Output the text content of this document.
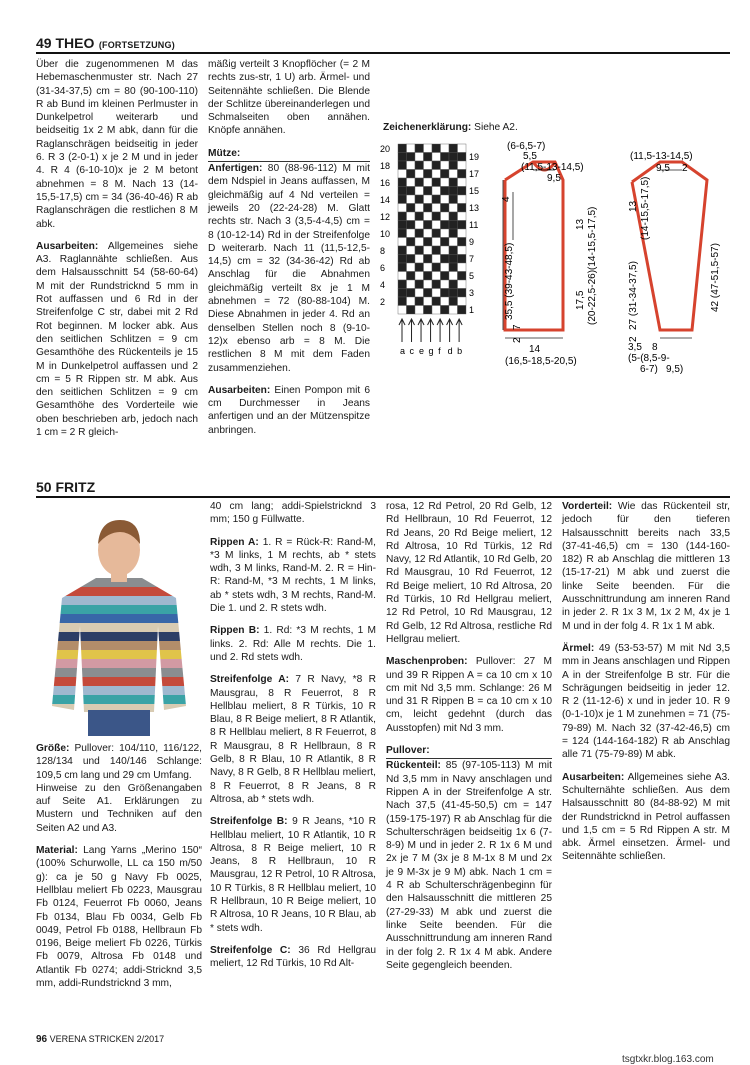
49 THEO (FORTSETZUNG)

Über die zugenommenen M das Hebemaschenmuster str. Nach 27 (31-34-37,5) cm = 80 (90-100-110) R ab Bund im kleinen Perlmuster in Dunkelpetrol weiterarb und beidseitig 1x 2 M abk, dann für die Raglanschrägen beidseitig in jeder 6. R 3 (2-0-1) x je 2 M und in jeder 4. R 4 (6-10-10)x je 2 M betont abnehmen = 8 M. Nach 13 (14-15,5-17,5) cm = 34 (36-40-46) R ab Raglanschrägen die restlichen 8 M abk.

Ausarbeiten: Allgemeines siehe A3. Raglannähte schließen. Aus dem Halsausschnitt 54 (58-60-64) M mit der Rundstricknd 5 mm in Rot auffassen und 6 Rd in der Streifenfolge C str, dabei mit 2 Rd Rot beginnen. M locker abk. Aus den seitlichen Schlitzen = 9 cm Gesamthöhe des Rückenteils je 15 M in Dunkelpetrol auffassen und 2 cm = 5 R Rippen str. M abk. Aus den seitlichen Schlitzen = 9 cm Gesamthöhe des Vorderteile wie oben beschrieben arb, jedoch nach 1 cm = 2 R gleich-

mäßig verteilt 3 Knopflöcher (= 2 M rechts zus-str, 1 U) arb. Ärmel- und Seitennähte schließen. Die Blende der Schlitze übereinanderlegen und Schmalseiten oben annähen. Knöpfe annähen.

Mütze:

Anfertigen: 80 (88-96-112) M mit dem Ndspiel in Jeans auffassen, M gleichmäßig auf 4 Nd verteilen = jeweils 20 (22-24-28) M. Glatt rechts str. Nach 3 (3,5-4-4,5) cm = 8 (10-12-14) Rd in der Streifenfolge D weiterarb. Nach 11 (11,5-12,5-14,5) cm = 32 (34-36-42) Rd ab Anschlag für die Abnahmen gleichmäßig verteilt 8x je 1 M abnehmen = 72 (80-88-104) M. Diese Abnahmen in jeder 4. Rd an denselben Stellen noch 8 (9-10-12)x ebenso arb = 8 M. Die restlichen 8 M mit dem Faden zusammenziehen.

Ausarbeiten: Einen Pompon mit 6 cm Durchmesser in Jeans anfertigen und an der Mützenspitze anbringen.

Zeichenerklärung: Siehe A2.
20
18
16
14
12
10
8
6
4
2
19
17
15
13
11
9
7
5
3
1
a c e g f d b
(6-6,5-7)
5,5
(11,5-13-14,5)
9,5
4
35,5 (39-43-48,5)
13 (14-15,5-17,5)
17,5 (20-22,5-26)
7
2
14
(16,5-18,5-20,5)
(11,5-13-14,5)
9,5 2
13 (14-15,5-17,5)
27 (31-34-37,5)
2
42 (47-51,5-57)
3,5 8
(5-(8,5-9-
6-7) 9,5)
50 FRITZ

Größe: Pullover: 104/110, 116/122, 128/134 und 140/146 Schlange: 109,5 cm lang und 29 cm Umfang.
Hinweise zu den Größenangaben auf Seite A1. Erklärungen zu Mustern und Techniken auf den Seiten A2 und A3.

Material: Lang Yarns „Merino 150“ (100% Schurwolle, LL ca 150 m/50 g): ca je 50 g Navy Fb 0025, Hellblau meliert Fb 0223, Mausgrau Fb 0124, Feuerrot Fb 0060, Jeans Fb 0134, Blau Fb 0034, Gelb Fb 0049, Petrol Fb 0188, Hellbraun Fb 0196, Beige meliert Fb 0226, Türkis Fb 0079, Altrosa Fb 0148 und Atlantik Fb 0274; addi-Stricknd 3,5 mm, addi-Rundstricknd 3 mm,

40 cm lang; addi-Spielstricknd 3 mm; 150 g Füllwatte.

Rippen A: 1. R = Rück-R: Rand-M, *3 M links, 1 M rechts, ab * stets wdh, 3 M links, Rand-M. 2. R = Hin-R: Rand-M, *3 M rechts, 1 M links, ab * stets wdh, 3 M rechts, Rand-M. Die 1. und 2. R stets wdh.

Rippen B: 1. Rd: *3 M rechts, 1 M links. 2. Rd: Alle M rechts. Die 1. und 2. Rd stets wdh.

Streifenfolge A: 7 R Navy, *8 R Mausgrau, 8 R Feuerrot, 8 R Hellblau meliert, 8 R Türkis, 10 R Blau, 8 R Beige meliert, 8 R Atlantik, 8 R Hellblau meliert, 8 R Feuerrot, 8 R Mausgrau, 8 R Hellbraun, 8 R Gelb, 8 R Blau, 10 R Atlantik, 8 R Navy, 8 R Gelb, 8 R Hellblau meliert, 8 R Feuerrot, 8 R Jeans, 8 R Altrosa, ab * stets wdh.

Streifenfolge B: 9 R Jeans, *10 R Hellblau meliert, 10 R Atlantik, 10 R Altrosa, 8 R Beige meliert, 10 R Jeans, 8 R Hellbraun, 10 R Mausgrau, 12 R Petrol, 10 R Altrosa, 10 R Türkis, 8 R Hellblau meliert, 10 R Hellbraun, 10 R Beige meliert, 10 R Altrosa, 10 R Jeans, 10 R Blau, ab * stets wdh.

Streifenfolge C: 36 Rd Hellgrau meliert, 12 Rd Türkis, 10 Rd Alt-

rosa, 12 Rd Petrol, 20 Rd Gelb, 12 Rd Hellbraun, 10 Rd Feuerrot, 12 Rd Jeans, 20 Rd Beige meliert, 12 Rd Altrosa, 10 Rd Türkis, 12 Rd Navy, 12 Rd Atlantik, 10 Rd Gelb, 20 Rd Mausgrau, 10 Rd Feuerrot, 12 Rd Beige meliert, 10 Rd Altrosa, 20 Rd Türkis, 10 Rd Hellgrau meliert, 12 Rd Petrol, 10 Rd Mausgrau, 12 Rd Gelb, 12 Rd Altrosa, restliche Rd Hellgrau meliert.

Maschenproben: Pullover: 27 M und 39 R Rippen A = ca 10 cm x 10 cm mit Nd 3,5 mm. Schlange: 26 M und 31 R Rippen B = ca 10 cm x 10 cm, leicht gedehnt (durch das Ausstopfen) mit Nd 3 mm.

Pullover:

Rückenteil: 85 (97-105-113) M mit Nd 3,5 mm in Navy anschlagen und Rippen A in der Streifenfolge A str. Nach 37,5 (41-45-50,5) cm = 147 (159-175-197) R ab Anschlag für die Schulterschrägen beidseitig 1x 6 (7-8-9) M und in jeder 2. R 1x 6 M und 2x je 7 M (3x je 8 M-1x 8 M und 2x je 9 M-3x je 9 M) abk. Nach 1 cm = 4 R ab Schulterschrägenbeginn für den Halsausschnitt die mittleren 25 (27-29-33) M abk und zuerst die linke Seite beenden. Für die Ausschnittrundung am inneren Rand in der folg 2. R 1x 4 M abk. Andere Seite gegengleich beenden.

Vorderteil: Wie das Rückenteil str, jedoch für den tieferen Halsausschnitt bereits nach 33,5 (37-41-46,5) cm = 130 (144-160-182) R ab Anschlag die mittleren 13 (15-17-21) M abk und zuerst die linke Seite beenden. Für die Ausschnittrundung am inneren Rand in jeder 2. R 1x 3 M, 1x 2 M, 4x je 1 M und in der folg 4. R 1x 1 M abk.

Ärmel: 49 (53-53-57) M mit Nd 3,5 mm in Jeans anschlagen und Rippen A in der Streifenfolge B str. Für die Schrägungen beidseitig in jeder 12. R 2 (11-12-6) x und in jeder 10. R 9 (0-1-10)x je 1 M zunehmen = 71 (75-79-89) M. Nach 32 (37-42-46,5) cm = 124 (144-164-182) R ab Anschlag alle 71 (75-79-89) M abk.

Ausarbeiten: Allgemeines siehe A3. Schulternähte schließen. Aus dem Halsausschnitt 80 (84-88-92) M mit der Rundstricknd in Petrol auffassen und 1,5 cm = 5 Rd Rippen A str. M abk. Ärmel einsetzen. Ärmel- und Seitennähte schließen.

96 VERENA STRICKEN 2/2017
tsgtxkr.blog.163.com
